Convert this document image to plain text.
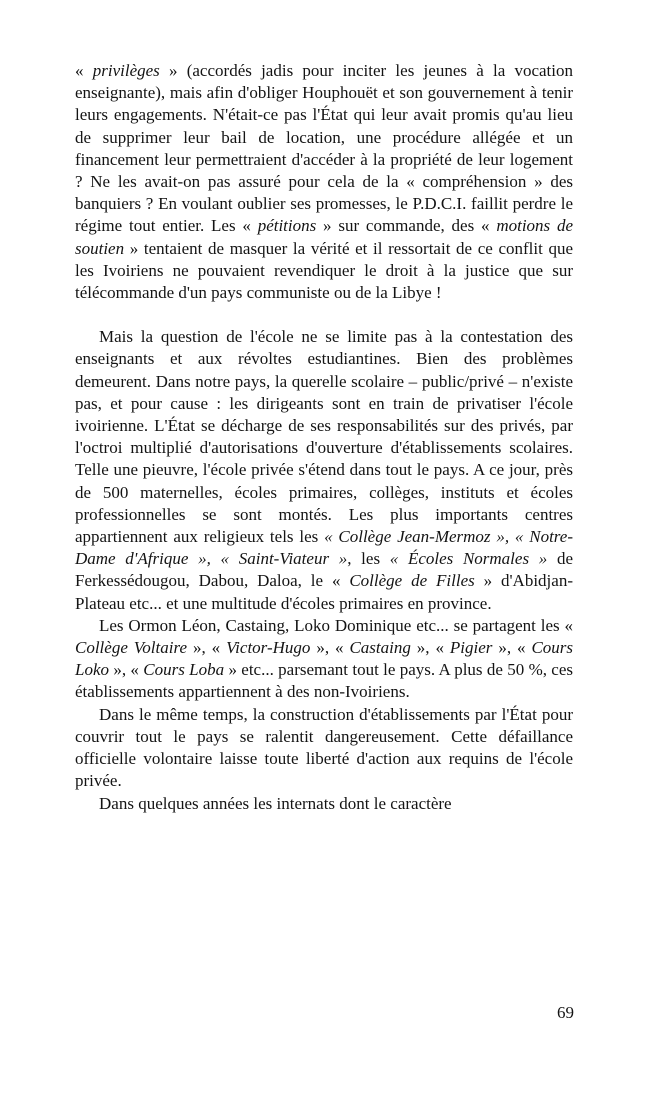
« privilèges » (accordés jadis pour inciter les jeunes à la vocation enseignante), mais afin d'obliger Houphouët et son gouvernement à tenir leurs engagements. N'était-ce pas l'État qui leur avait promis qu'au lieu de supprimer leur bail de location, une procédure allégée et un financement leur permettraient d'accéder à la propriété de leur logement ? Ne les avait-on pas assuré pour cela de la « compréhension » des banquiers ? En voulant oublier ses promesses, le P.D.C.I. faillit perdre le régime tout entier. Les « pétitions » sur commande, des « motions de soutien » tentaient de masquer la vérité et il ressortait de ce conflit que les Ivoiriens ne pouvaient revendiquer le droit à la justice que sur télécommande d'un pays communiste ou de la Libye !

Mais la question de l'école ne se limite pas à la contestation des enseignants et aux révoltes estudiantines. Bien des problèmes demeurent. Dans notre pays, la querelle scolaire – public/privé – n'existe pas, et pour cause : les dirigeants sont en train de privatiser l'école ivoirienne. L'État se décharge de ses responsabilités sur des privés, par l'octroi multiplié d'autorisations d'ouverture d'établissements scolaires. Telle une pieuvre, l'école privée s'étend dans tout le pays. A ce jour, près de 500 maternelles, écoles primaires, collèges, instituts et écoles professionnelles se sont montés. Les plus importants centres appartiennent aux religieux tels les « Collège Jean-Mermoz », « Notre-Dame d'Afrique », « Saint-Viateur », les « Écoles Normales » de Ferkessédougou, Dabou, Daloa, le « Collège de Filles » d'Abidjan-Plateau etc... et une multitude d'écoles primaires en province.

Les Ormon Léon, Castaing, Loko Dominique etc... se partagent les « Collège Voltaire », « Victor-Hugo », « Castaing », « Pigier », « Cours Loko », « Cours Loba » etc... parsemant tout le pays. A plus de 50 %, ces établissements appartiennent à des non-Ivoiriens.

Dans le même temps, la construction d'établissements par l'État pour couvrir tout le pays se ralentit dangereusement. Cette défaillance officielle volontaire laisse toute liberté d'action aux requins de l'école privée.

Dans quelques années les internats dont le caractère

69
